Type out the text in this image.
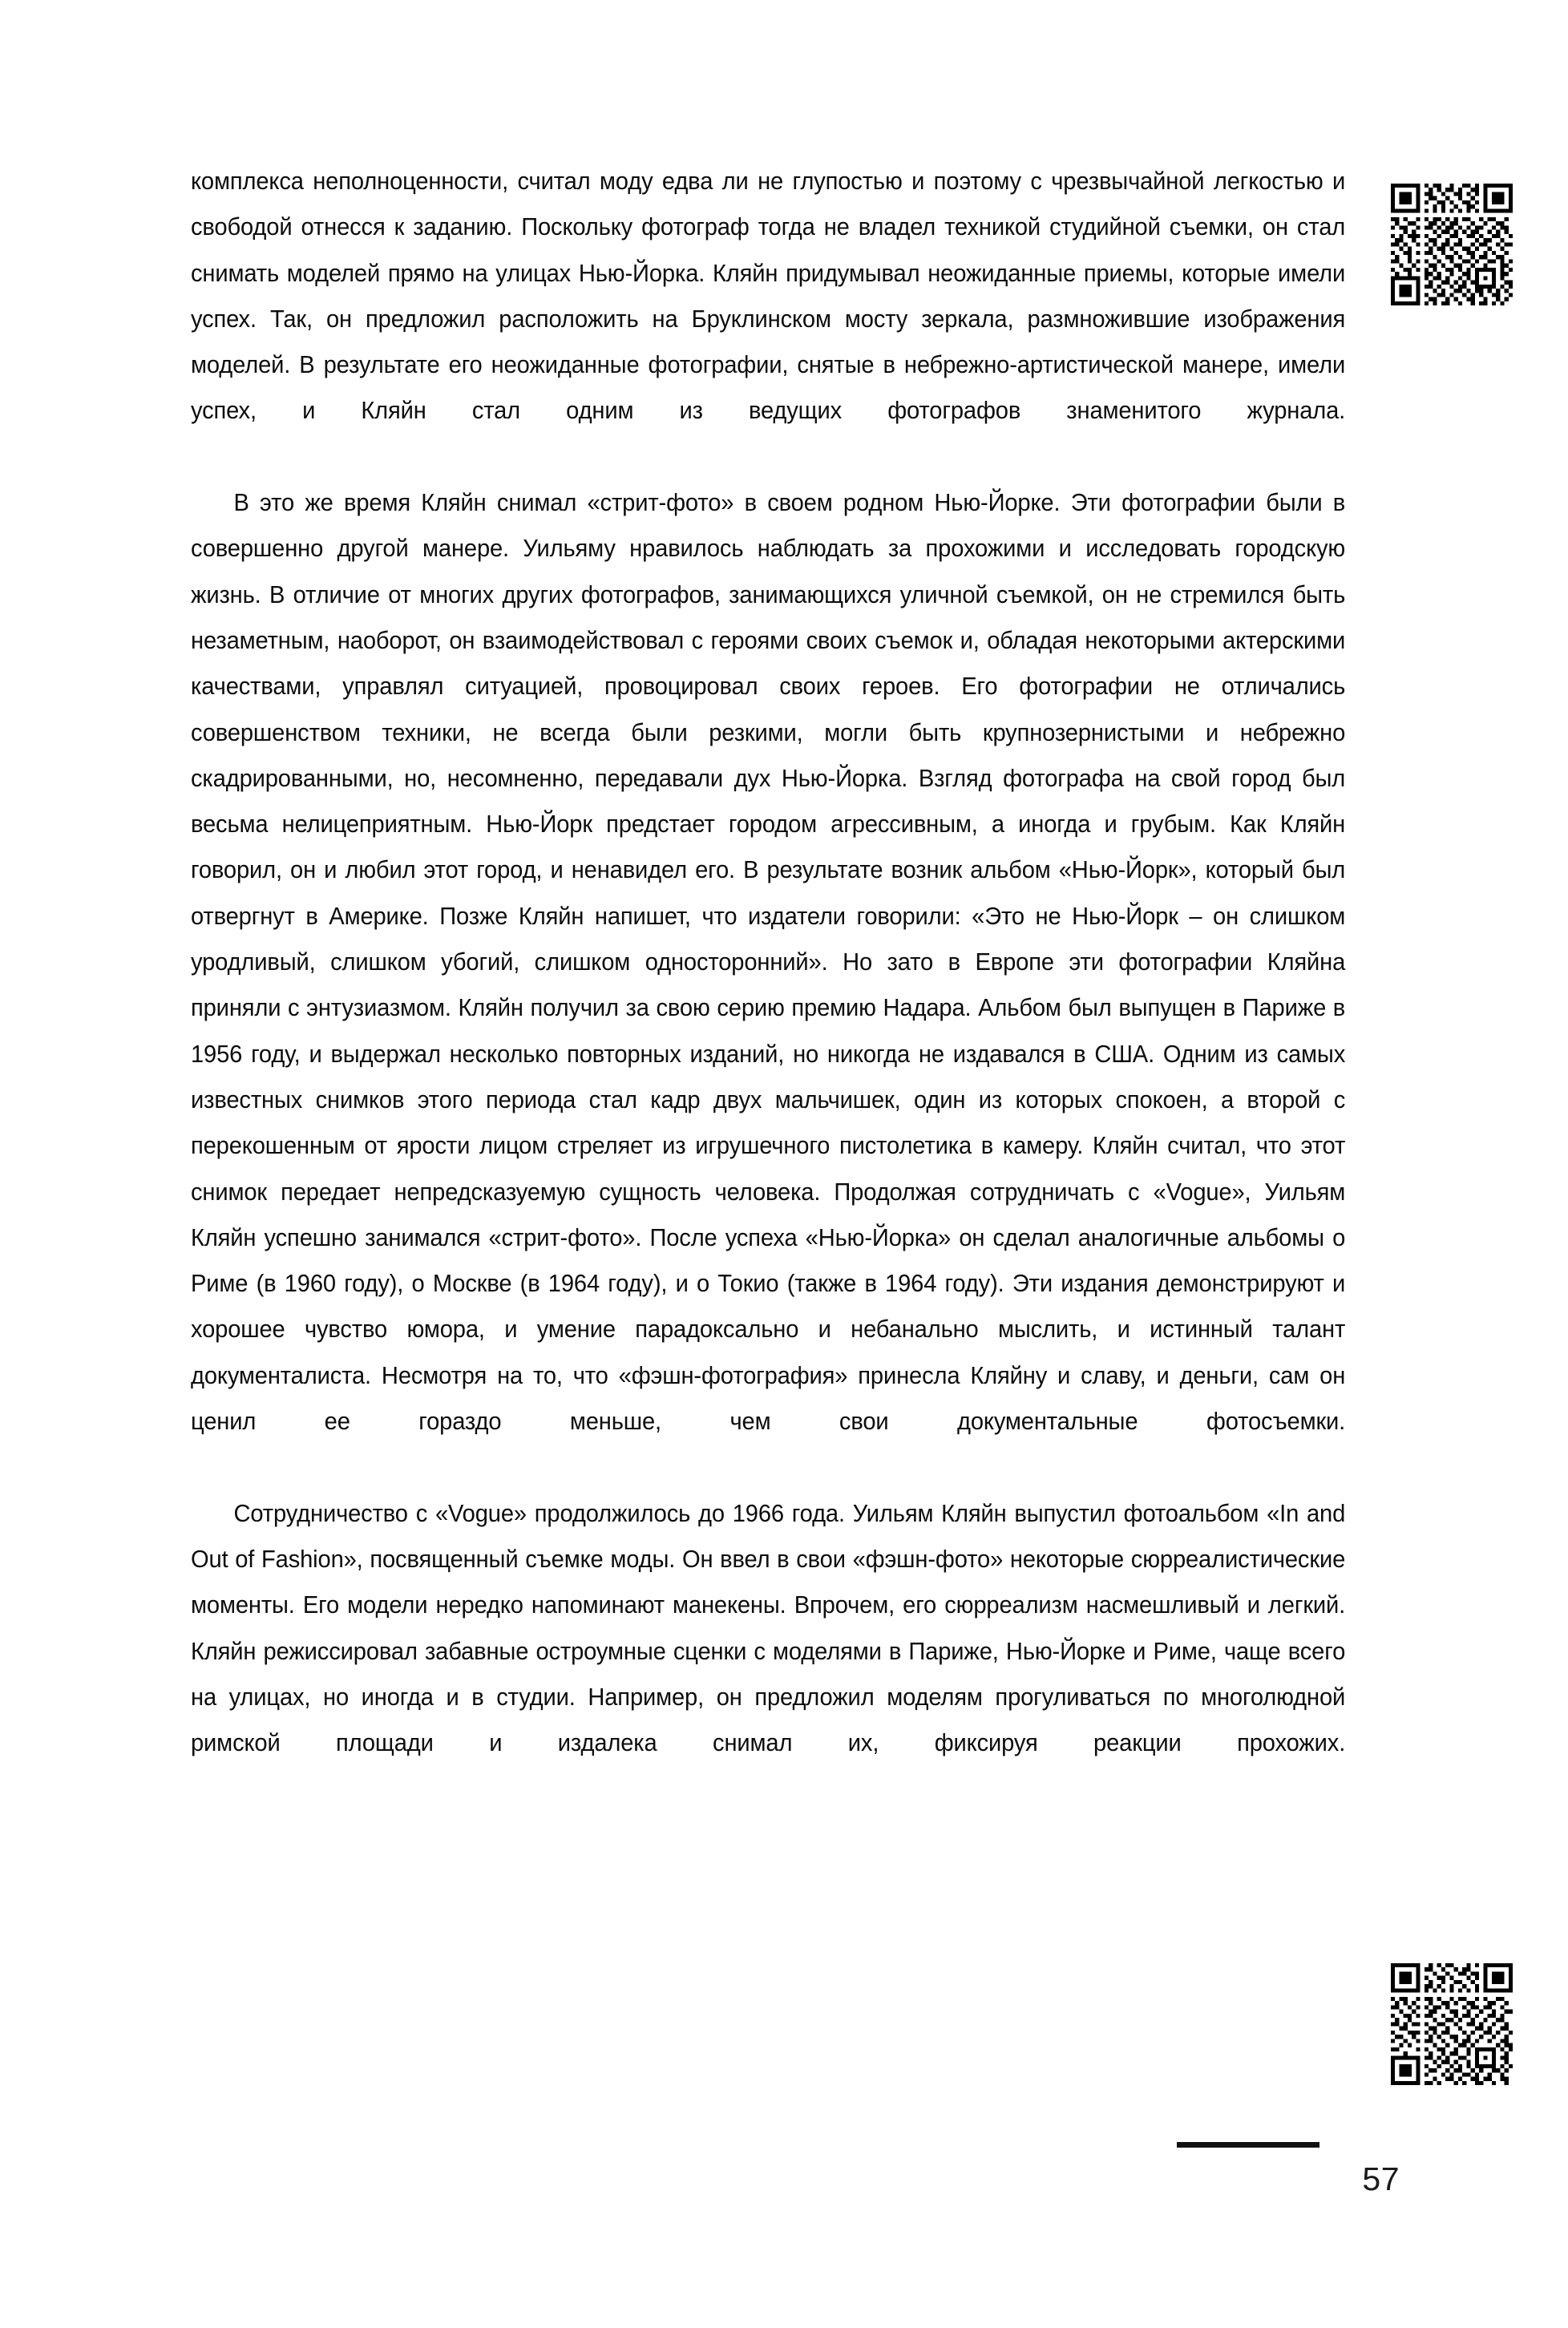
комплекса неполноценности, считал моду едва ли не глупостью и поэтому с чрезвычайной легкостью и свободой отнесся к заданию. Поскольку фотограф тогда не владел техникой студийной съемки, он стал снимать моделей прямо на улицах Нью-Йорка. Кляйн придумывал неожиданные приемы, которые имели успех. Так, он предложил расположить на Бруклинском мосту зеркала, размножившие изображения моделей. В результате его неожиданные фотографии, снятые в небрежно-артистической манере, имели успех, и Кляйн стал одним из ведущих фотографов знаменитого журнала.

В это же время Кляйн снимал «стрит-фото» в своем родном Нью-Йорке. Эти фотографии были в совершенно другой манере. Уильяму нравилось наблюдать за прохожими и исследовать городскую жизнь. В отличие от многих других фотографов, занимающихся уличной съемкой, он не стремился быть незаметным, наоборот, он взаимодействовал с героями своих съемок и, обладая некоторыми актерскими качествами, управлял ситуацией, провоцировал своих героев. Его фотографии не отличались совершенством техники, не всегда были резкими, могли быть крупнозернистыми и небрежно скадрированными, но, несомненно, передавали дух Нью-Йорка. Взгляд фотографа на свой город был весьма нелицеприятным. Нью-Йорк предстает городом агрессивным, а иногда и грубым. Как Кляйн говорил, он и любил этот город, и ненавидел его. В результате возник альбом «Нью-Йорк», который был отвергнут в Америке. Позже Кляйн напишет, что издатели говорили: «Это не Нью-Йорк – он слишком уродливый, слишком убогий, слишком односторонний». Но зато в Европе эти фотографии Кляйна приняли с энтузиазмом. Кляйн получил за свою серию премию Надара. Альбом был выпущен в Париже в 1956 году, и выдержал несколько повторных изданий, но никогда не издавался в США. Одним из самых известных снимков этого периода стал кадр двух мальчишек, один из которых спокоен, а второй с перекошенным от ярости лицом стреляет из игрушечного пистолетика в камеру. Кляйн считал, что этот снимок передает непредсказуемую сущность человека. Продолжая сотрудничать с «Vogue», Уильям Кляйн успешно занимался «стрит-фото». После успеха «Нью-Йорка» он сделал аналогичные альбомы о Риме (в 1960 году), о Москве (в 1964 году), и о Токио (также в 1964 году). Эти издания демонстрируют и хорошее чувство юмора, и умение парадоксально и небанально мыслить, и истинный талант документалиста. Несмотря на то, что «фэшн-фотография» принесла Кляйну и славу, и деньги, сам он ценил ее гораздо меньше, чем свои документальные фотосъемки.

Сотрудничество с «Vogue» продолжилось до 1966 года. Уильям Кляйн выпустил фотоальбом «In and Out of Fashion», посвященный съемке моды. Он ввел в свои «фэшн-фото» некоторые сюрреалистические моменты. Его модели нередко напоминают манекены. Впрочем, его сюрреализм насмешливый и легкий. Кляйн режиссировал забавные остроумные сценки с моделями в Париже, Нью-Йорке и Риме, чаще всего на улицах, но иногда и в студии. Например, он предложил моделям прогуливаться по многолюдной римской площади и издалека снимал их, фиксируя реакции прохожих.

57
